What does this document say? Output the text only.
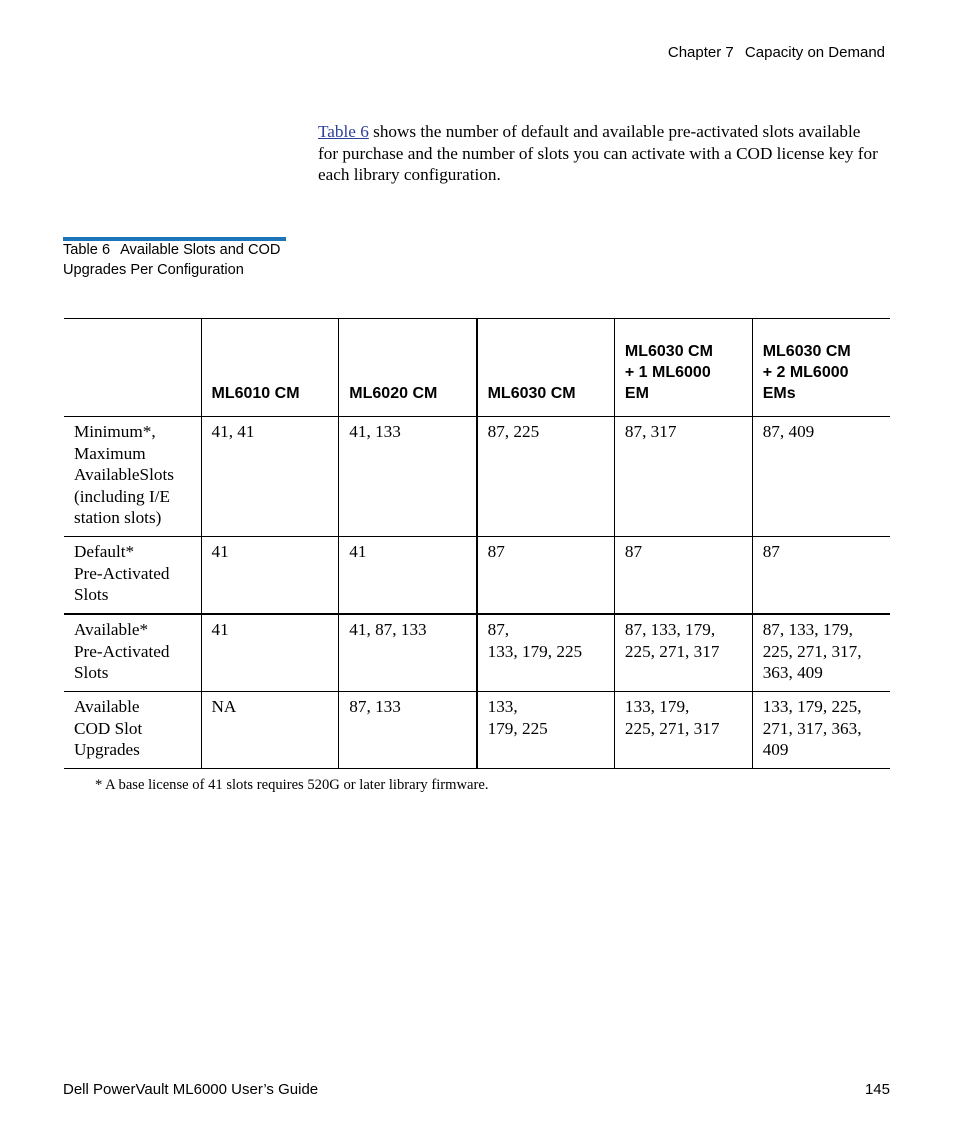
Chapter 7 Capacity on Demand

Table 6 shows the number of default and available pre-activated slots available for purchase and the number of slots you can activate with a COD license key for each library configuration.

Table 6 Available Slots and COD Upgrades Per Configuration
	ML6010 CM	ML6020 CM	ML6030 CM	ML6030 CM
+ 1 ML6000
EM	ML6030 CM
+ 2 ML6000
EMs
Minimum*,
Maximum
AvailableSlots
(including I/E
station slots)	41, 41	41, 133	87, 225	87, 317	87, 409
Default*
Pre-Activated
Slots	41	41	87	87	87
Available*
Pre-Activated
Slots	41	41, 87, 133	87,
133, 179, 225	87, 133, 179,
225, 271, 317	87, 133, 179,
225, 271, 317,
363, 409
Available
COD Slot
Upgrades	NA	87, 133	133,
179, 225	133, 179,
225, 271, 317	133, 179, 225,
271, 317, 363,
409
* A base license of 41 slots requires 520G or later library firmware.
Dell PowerVault ML6000 User’s Guide	145
